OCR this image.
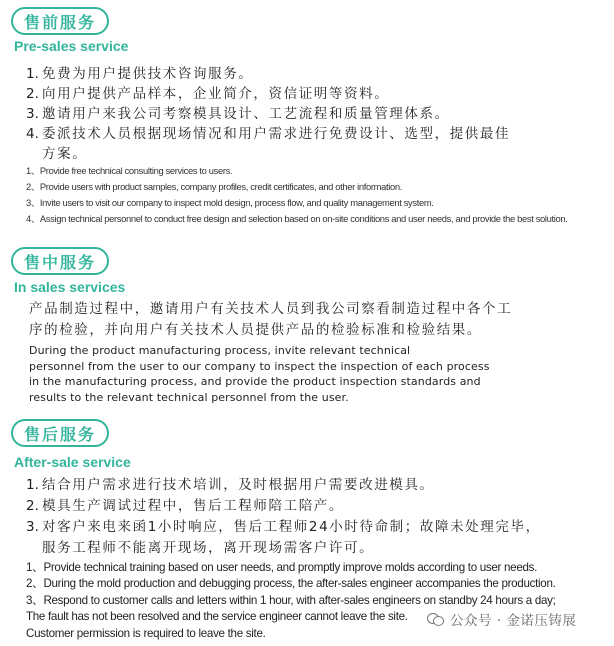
售前服务
Pre-sales service
1. 免费为用户提供技术咨询服务。
2. 向用户提供产品样本，企业简介，资信证明等资料。
3. 邀请用户来我公司考察模具设计、工艺流程和质量管理体系。
4. 委派技术人员根据现场情况和用户需求进行免费设计、选型，提供最佳
方案。
1、Provide free technical consulting services to users.
2、Provide users with product samples, company profiles, credit certificates, and other information.
3、Invite users to visit our company to inspect mold design, process flow, and quality management system.
4、Assign technical personnel to conduct free design and selection based on on-site conditions and user needs, and provide the best solution.
售中服务
In sales services

产品制造过程中，邀请用户有关技术人员到我公司察看制造过程中各个工

序的检验，并向用户有关技术人员提供产品的检验标准和检验结果。

During the product manufacturing process, invite relevant technical

personnel from the user to our company to inspect the inspection of each process

in the manufacturing process, and provide the product inspection standards and

results to the relevant technical personnel from the user.

售后服务
After-sale service
1. 结合用户需求进行技术培训，及时根据用户需要改进模具。
2. 模具生产调试过程中，售后工程师陪工陪产。
3. 对客户来电来函1小时响应，售后工程师24小时待命制；故障未处理完毕，
服务工程师不能离开现场，离开现场需客户许可。
1、Provide technical training based on user needs, and promptly improve molds according to user needs.
2、During the mold production and debugging process, the after-sales engineer accompanies the production.
3、Respond to customer calls and letters within 1 hour, with after-sales engineers on standby 24 hours a day;
The fault has not been resolved and the service engineer cannot leave the site.
Customer permission is required to leave the site.
公众号 · 金诺压铸展
